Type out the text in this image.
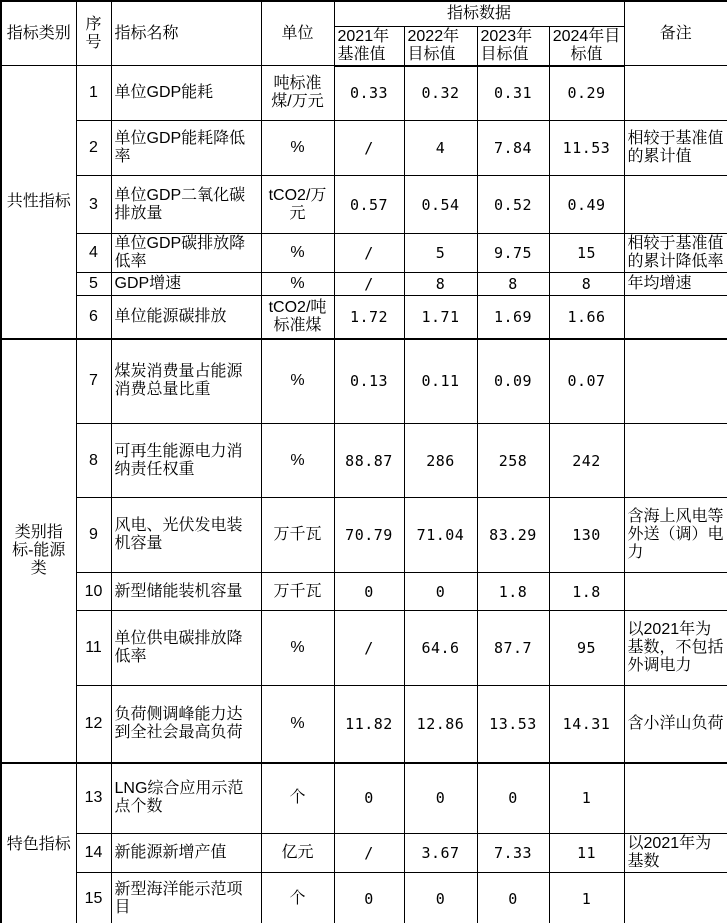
指标类别	序号	指标名称	单位	指标数据				备注
				2021年基准值	2022年目标值	2023年目标值	2024年目标值	
共性指标	1	单位GDP能耗	吨标准煤/万元	0.33	0.32	0.31	0.29	
	2	单位GDP能耗降低率	%	/	4	7.84	11.53	相较于基准值的累计值
	3	单位GDP二氧化碳排放量	tCO2/万元	0.57	0.54	0.52	0.49	
	4	单位GDP碳排放降低率	%	/	5	9.75	15	相较于基准值的累计降低率
	5	GDP增速	%	/	8	8	8	年均增速
	6	单位能源碳排放	tCO2/吨标准煤	1.72	1.71	1.69	1.66	
类别指标-能源类	7	煤炭消费量占能源消费总量比重	%	0.13	0.11	0.09	0.07	
	8	可再生能源电力消纳责任权重	%	88.87	286	258	242	
	9	风电、光伏发电装机容量	万千瓦	70.79	71.04	83.29	130	含海上风电等外送（调）电力
	10	新型储能装机容量	万千瓦	0	0	1.8	1.8	
	11	单位供电碳排放降低率	%	/	64.6	87.7	95	以2021年为基数，不包括外调电力
	12	负荷侧调峰能力达到全社会最高负荷	%	11.82	12.86	13.53	14.31	含小洋山负荷
特色指标	13	LNG综合应用示范点个数	个	0	0	0	1	
	14	新能源新增产值	亿元	/	3.67	7.33	11	以2021年为基数
	15	新型海洋能示范项目	个	0	0	0	1	
